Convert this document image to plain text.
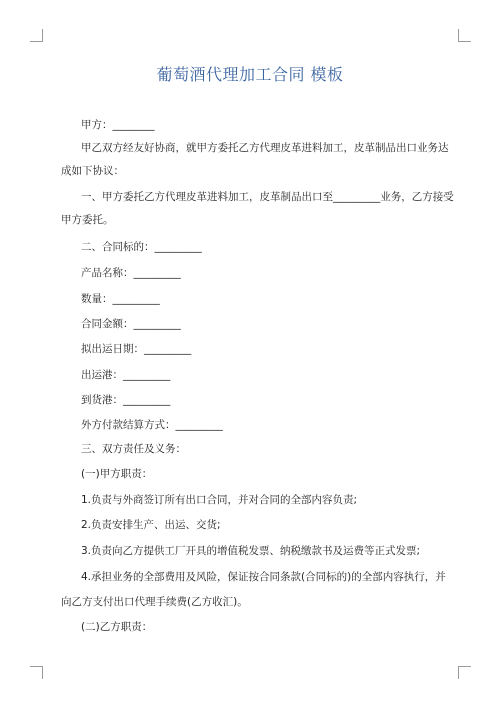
葡萄酒代理加工合同 模板
甲方：________
甲乙双方经友好协商，就甲方委托乙方代理皮革进料加工，皮革制品出口业务达
成如下协议：
一、甲方委托乙方代理皮革进料加工，皮革制品出口至_________业务，乙方接受
甲方委托。
二、合同标的：_________
产品名称：_________
数量：_________
合同金额：_________
拟出运日期：_________
出运港：_________
到货港：_________
外方付款结算方式：_________
三、双方责任及义务：
(一)甲方职责：
1.负责与外商签订所有出口合同，并对合同的全部内容负责;
2.负责安排生产、出运、交货;
3.负责向乙方提供工厂开具的增值税发票、纳税缴款书及运费等正式发票;
4.承担业务的全部费用及风险，保证按合同条款(合同标的)的全部内容执行，并
向乙方支付出口代理手续费(乙方收汇)。
(二)乙方职责：
